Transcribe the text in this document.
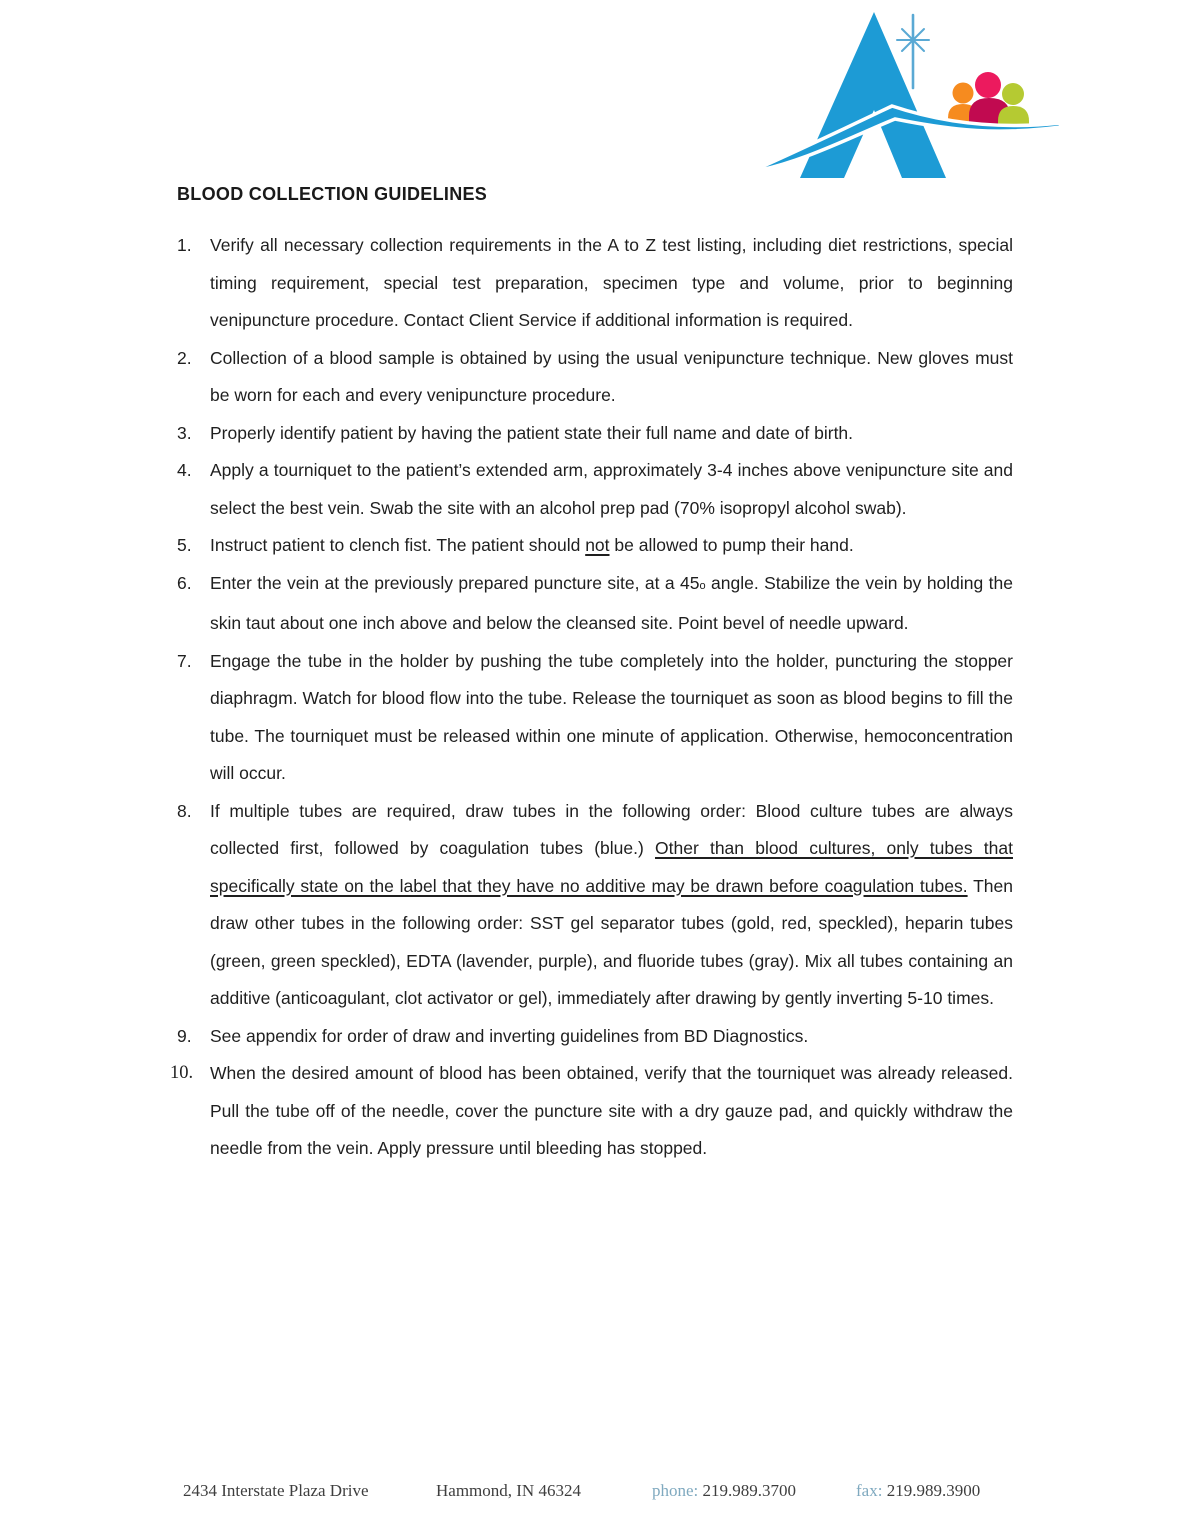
BLOOD COLLECTION GUIDELINES
1.	Verify all necessary collection requirements in the A to Z test listing, including diet restrictions, special timing requirement, special test preparation, specimen type and volume, prior to beginning venipuncture procedure. Contact Client Service if additional information is required.
2.	Collection of a blood sample is obtained by using the usual venipuncture technique. New gloves must be worn for each and every venipuncture procedure.
3.	Properly identify patient by having the patient state their full name and date of birth.
4.	Apply a tourniquet to the patient’s extended arm, approximately 3-4 inches above venipuncture site and select the best vein. Swab the site with an alcohol prep pad (70% isopropyl alcohol swab).
5.	Instruct patient to clench fist. The patient should not be allowed to pump their hand.
6.	Enter the vein at the previously prepared puncture site, at a 45o angle. Stabilize the vein by holding the skin taut about one inch above and below the cleansed site. Point bevel of needle upward.
7.	Engage the tube in the holder by pushing the tube completely into the holder, puncturing the stopper diaphragm. Watch for blood flow into the tube. Release the tourniquet as soon as blood begins to fill the tube. The tourniquet must be released within one minute of application. Otherwise, hemoconcentration will occur.
8.	If multiple tubes are required, draw tubes in the following order: Blood culture tubes are always collected first, followed by coagulation tubes (blue.) Other than blood cultures, only tubes that specifically state on the label that they have no additive may be drawn before coagulation tubes. Then draw other tubes in the following order: SST gel separator tubes (gold, red, speckled), heparin tubes (green, green speckled), EDTA (lavender, purple), and fluoride tubes (gray). Mix all tubes containing an additive (anticoagulant, clot activator or gel), immediately after drawing by gently inverting 5-10 times.
9.	See appendix for order of draw and inverting guidelines from BD Diagnostics.
10. When the desired amount of blood has been obtained, verify that the tourniquet was already released. Pull the tube off of the needle, cover the puncture site with a dry gauze pad, and quickly withdraw the needle from the vein. Apply pressure until bleeding has stopped.
2434 Interstate Plaza Drive	Hammond, IN 46324	phone: 219.989.3700	fax: 219.989.3900
